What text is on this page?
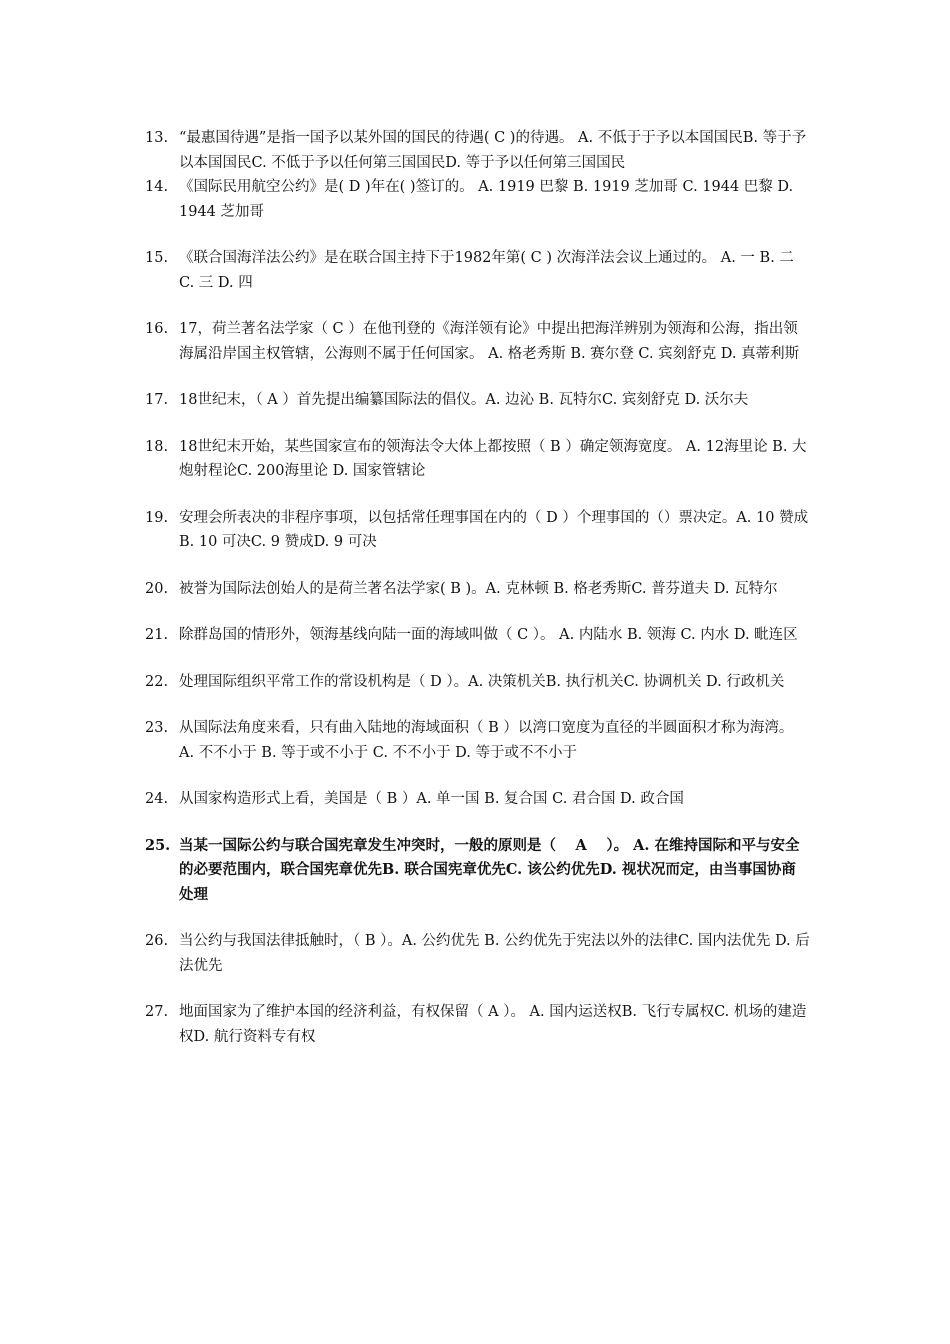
13. “最惠国待遇”是指一国予以某外国的国民的待遇( C )的待遇。 A. 不低于于予以本国国民B. 等于予以本国国民C. 不低于予以任何第三国国民D. 等于予以任何第三国国民
14. 《国际民用航空公约》是( D )年在( )签订的。 A. 1919 巴黎 B. 1919 芝加哥 C. 1944 巴黎 D. 1944 芝加哥
15. 《联合国海洋法公约》是在联合国主持下于1982年第( C ) 次海洋法会议上通过的。 A. 一 B. 二 C. 三 D. 四
16. 17，荷兰著名法学家（ C ）在他刊登的《海洋领有论》中提出把海洋辨别为领海和公海，指出领海属沿岸国主权管辖，公海则不属于任何国家。 A. 格老秀斯 B. 赛尔登 C. 宾刻舒克 D. 真蒂利斯
17. 18世纪末，（ A ）首先提出编纂国际法的倡仪。A. 边沁 B. 瓦特尔C. 宾刻舒克 D. 沃尔夫
18. 18世纪末开始，某些国家宣布的领海法令大体上都按照（ B ）确定领海宽度。 A. 12海里论 B. 大炮射程论C. 200海里论 D. 国家管辖论
19. 安理会所表决的非程序事项，以包括常任理事国在内的（ D ）个理事国的（）票决定。A. 10 赞成B. 10 可决C. 9 赞成D. 9 可决
20. 被誉为国际法创始人的是荷兰著名法学家( B )。A. 克林顿 B. 格老秀斯C. 普芬道夫 D. 瓦特尔
21. 除群岛国的情形外，领海基线向陆一面的海域叫做（ C ）。 A. 内陆水 B. 领海 C. 内水 D. 毗连区
22. 处理国际组织平常工作的常设机构是（ D ）。A. 决策机关B. 执行机关C. 协调机关 D. 行政机关
23. 从国际法角度来看，只有曲入陆地的海域面积（ B ）以湾口宽度为直径的半圆面积才称为海湾。 A. 不不小于 B. 等于或不小于 C. 不不小于 D. 等于或不不小于
24. 从国家构造形式上看，美国是（ B ）A. 单一国 B. 复合国 C. 君合国 D. 政合国
25. 当某一国际公约与联合国宪章发生冲突时，一般的原则是（　 A　 ）。 A. 在维持国际和平与安全的必要范围内，联合国宪章优先B. 联合国宪章优先C. 该公约优先D. 视状况而定，由当事国协商处理
26. 当公约与我国法律抵触时，（ B ）。A. 公约优先 B. 公约优先于宪法以外的法律C. 国内法优先 D. 后法优先
27. 地面国家为了维护本国的经济利益，有权保留（ A ）。 A. 国内运送权B. 飞行专属权C. 机场的建造权D. 航行资料专有权
